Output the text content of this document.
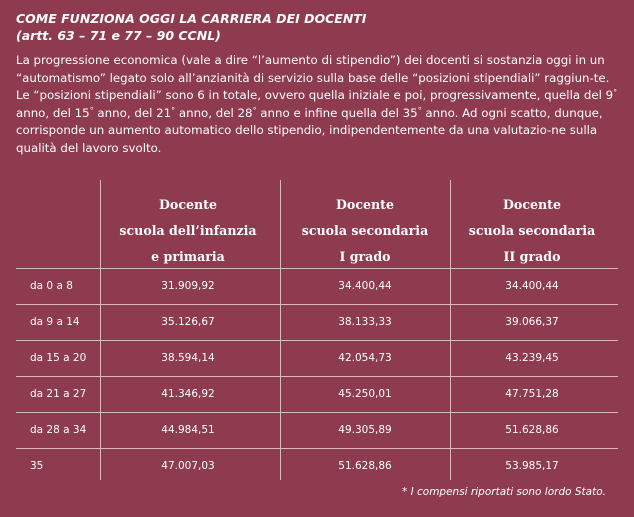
COME FUNZIONA OGGI LA CARRIERA DEI DOCENTI
(artt. 63 – 71 e 77 – 90 CCNL)
La progressione economica (vale a dire “l’aumento di stipendio”) dei docenti si sostanzia oggi in un “automatismo” legato solo all’anzianità di servizio sulla base delle “posizioni stipendiali” raggiun-te. Le “posizioni stipendiali” sono 6 in totale, ovvero quella iniziale e poi, progressivamente, quella del 9° anno, del 15° anno, del 21° anno, del 28° anno e infine quella del 35° anno. Ad ogni scatto, dunque, corrisponde un aumento automatico dello stipendio, indipendentemente da una valutazio-ne sulla qualità del lavoro svolto.
Docente
scuola dell’infanzia
e primaria
Docente
scuola secondaria
I grado
Docente
scuola secondaria
II grado
da 0 a 8	31.909,92	34.400,44	34.400,44
da 9 a 14	35.126,67	38.133,33	39.066,37
da 15 a 20	38.594,14	42.054,73	43.239,45
da 21 a 27	41.346,92	45.250,01	47.751,28
da 28 a 34	44.984,51	49.305,89	51.628,86
35	47.007,03	51.628,86	53.985,17
* I compensi riportati sono lordo Stato.
